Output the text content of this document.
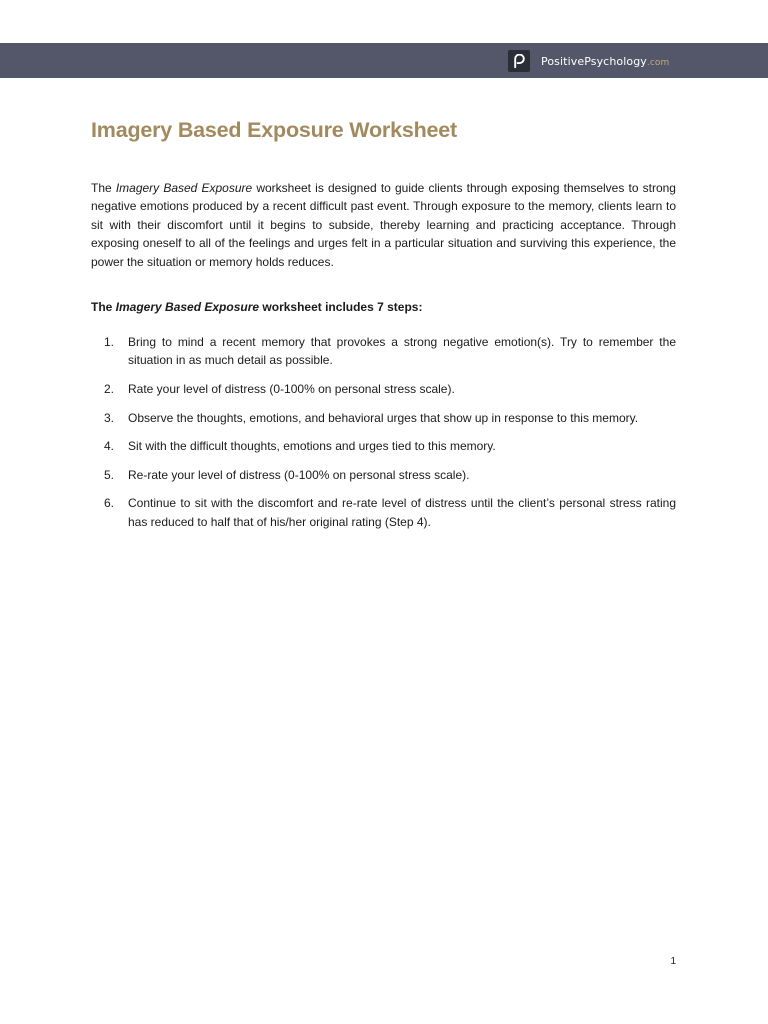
PositivePsychology.com
Imagery Based Exposure Worksheet

The Imagery Based Exposure worksheet is designed to guide clients through exposing themselves to strong negative emotions produced by a recent difficult past event. Through exposure to the memory, clients learn to sit with their discomfort until it begins to subside, thereby learning and practicing acceptance. Through exposing oneself to all of the feelings and urges felt in a particular situation and surviving this experience, the power the situation or memory holds reduces.

The Imagery Based Exposure worksheet includes 7 steps:

1.	Bring to mind a recent memory that provokes a strong negative emotion(s). Try to remember the situation in as much detail as possible.
2.	Rate your level of distress (0-100% on personal stress scale).
3.	Observe the thoughts, emotions, and behavioral urges that show up in response to this memory.
4.	Sit with the difficult thoughts, emotions and urges tied to this memory.
5.	Re-rate your level of distress (0-100% on personal stress scale).
6.	Continue to sit with the discomfort and re-rate level of distress until the client’s personal stress rating has reduced to half that of his/her original rating (Step 4).
1
